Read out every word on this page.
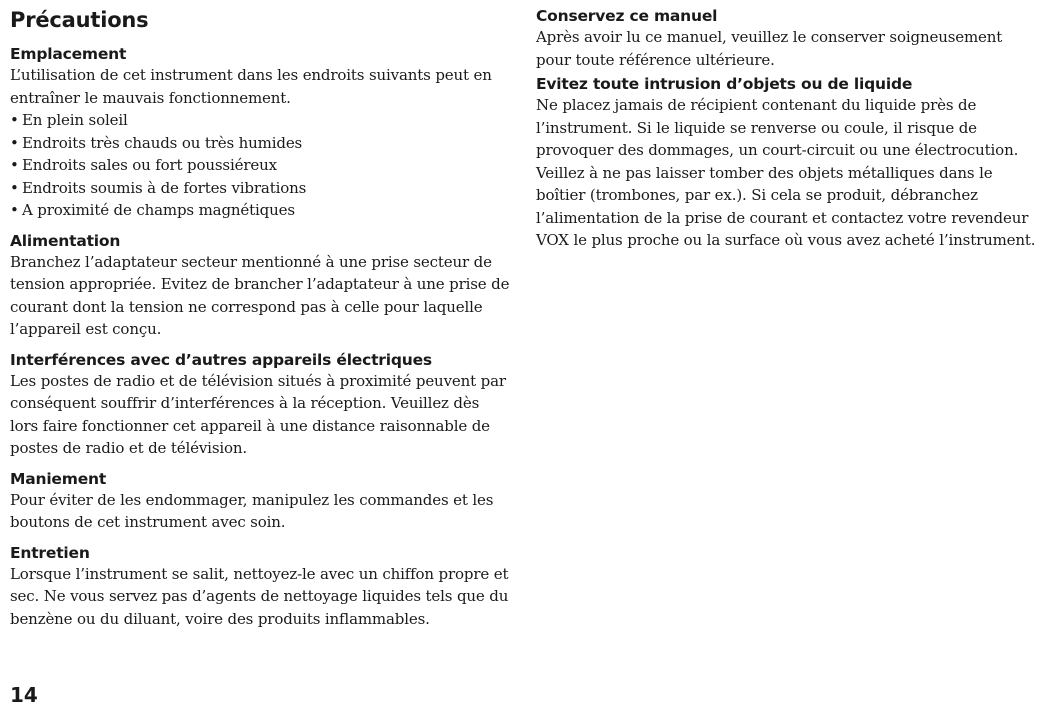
Précautions
Emplacement

L’utilisation de cet instrument dans les endroits suivants peut en entraîner le mauvais fonctionnement.

• En plein soleil
• Endroits très chauds ou très humides
• Endroits sales ou fort poussiéreux
• Endroits soumis à de fortes vibrations
• A proximité de champs magnétiques
Alimentation

Branchez l’adaptateur secteur mentionné à une prise secteur de tension appropriée. Evitez de brancher l’adaptateur à une prise de courant dont la tension ne correspond pas à celle pour laquelle l’appareil est conçu.

Interférences avec d’autres appareils électriques

Les postes de radio et de télévision situés à proximité peuvent par conséquent souffrir d’interférences à la réception. Veuillez dès lors faire fonctionner cet appareil à une distance raisonnable de postes de radio et de télévision.

Maniement

Pour éviter de les endommager, manipulez les commandes et les boutons de cet instrument avec soin.

Entretien

Lorsque l’instrument se salit, nettoyez-le avec un chiffon propre et sec. Ne vous servez pas d’agents de nettoyage liquides tels que du benzène ou du diluant, voire des produits inflammables.

Conservez ce manuel

Après avoir lu ce manuel, veuillez le conserver soigneusement pour toute référence ultérieure.

Evitez toute intrusion d’objets ou de liquide

Ne placez jamais de récipient contenant du liquide près de l’instrument. Si le liquide se renverse ou coule, il risque de provoquer des dommages, un court-circuit ou une électrocution. Veillez à ne pas laisser tomber des objets métalliques dans le boîtier (trombones, par ex.). Si cela se produit, débranchez l’alimentation de la prise de courant et contactez votre revendeur VOX le plus proche ou la surface où vous avez acheté l’instrument.

14
